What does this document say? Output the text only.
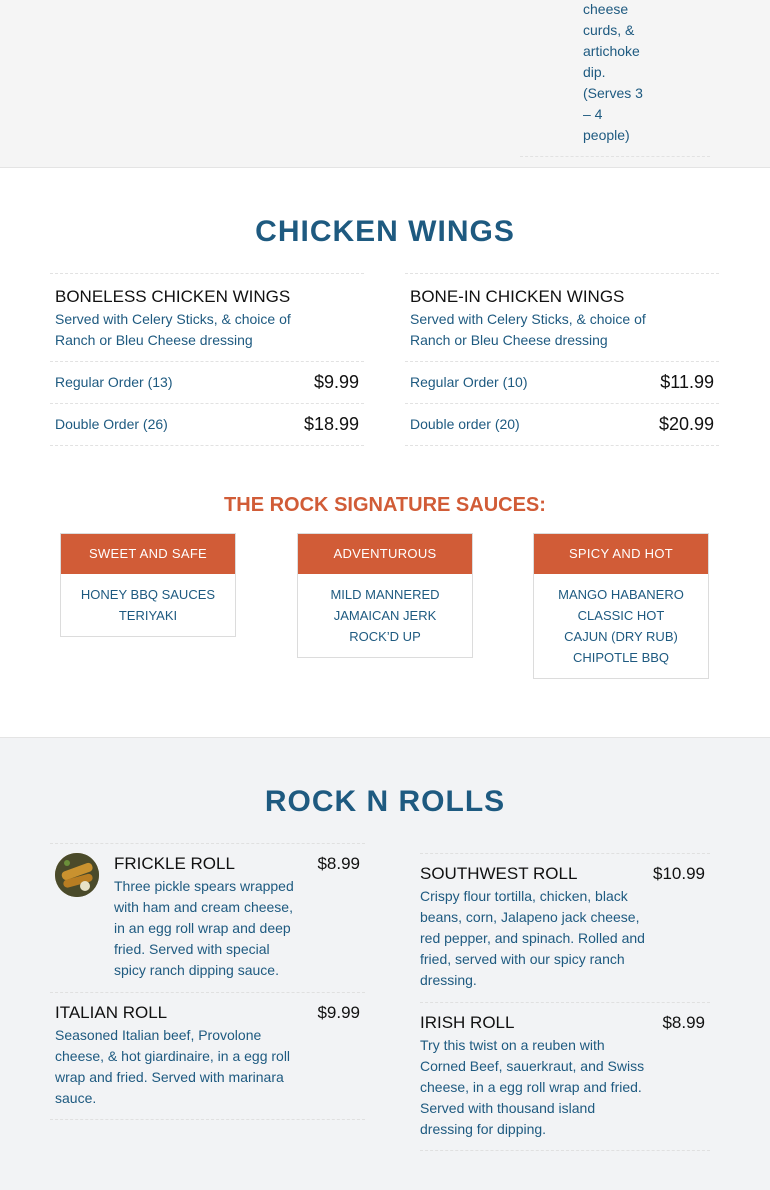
cheese
curds, &
artichoke
dip.
(Serves 3
– 4
people)
CHICKEN WINGS
BONELESS CHICKEN WINGS
Served with Celery Sticks, & choice of Ranch or Bleu Cheese dressing
Regular Order (13)	$9.99
Double Order (26)	$18.99
BONE-IN CHICKEN WINGS
Served with Celery Sticks, & choice of Ranch or Bleu Cheese dressing
Regular Order (10)	$11.99
Double order (20)	$20.99
THE ROCK SIGNATURE SAUCES:
SWEET AND SAFE
HONEY BBQ SAUCES
TERIYAKI
ADVENTUROUS
MILD MANNERED
JAMAICAN JERK
ROCK’D UP
SPICY AND HOT
MANGO HABANERO
CLASSIC HOT
CAJUN (DRY RUB)
CHIPOTLE BBQ
ROCK N ROLLS
FRICKLE ROLL	$8.99
Three pickle spears wrapped with ham and cream cheese, in an egg roll wrap and deep fried. Served with special spicy ranch dipping sauce.
ITALIAN ROLL	$9.99
Seasoned Italian beef, Provolone cheese, & hot giardinaire, in a egg roll wrap and fried. Served with marinara sauce.
SOUTHWEST ROLL	$10.99
Crispy flour tortilla, chicken, black beans, corn, Jalapeno jack cheese, red pepper, and spinach. Rolled and fried, served with our spicy ranch dressing.
IRISH ROLL	$8.99
Try this twist on a reuben with Corned Beef, sauerkraut, and Swiss cheese, in a egg roll wrap and fried. Served with thousand island dressing for dipping.
